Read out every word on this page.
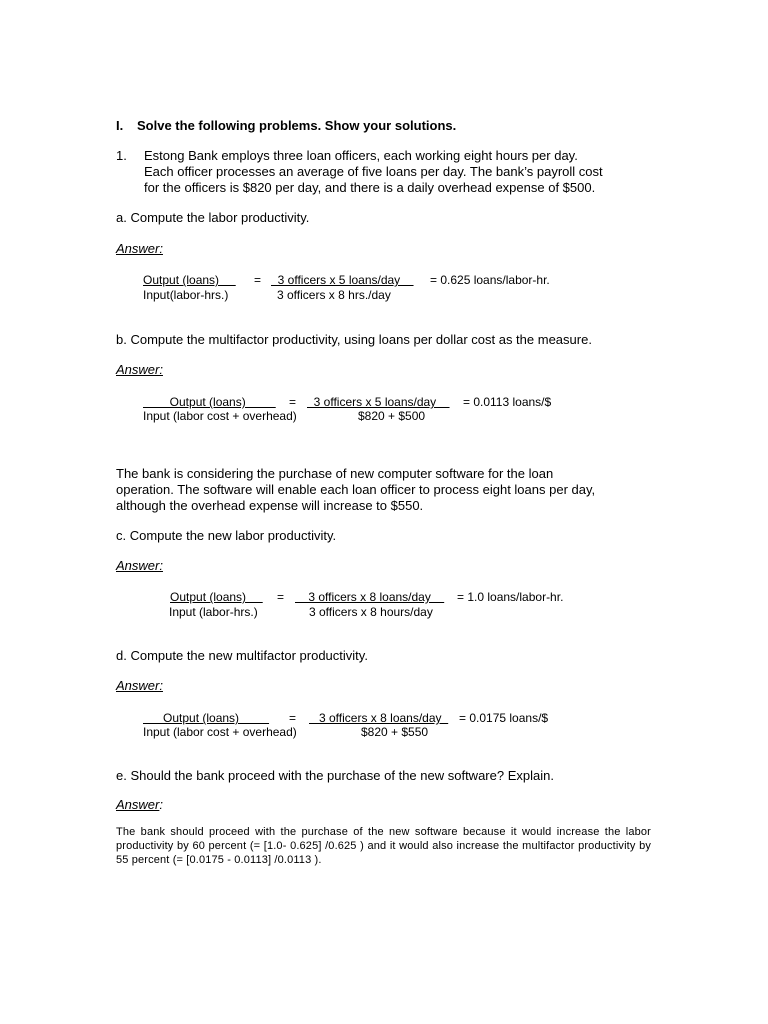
I. Solve the following problems. Show your solutions.
1. Estong Bank employs three loan officers, each working eight hours per day.
Each officer processes an average of five loans per day. The bank’s payroll cost
for the officers is $820 per day, and there is a daily overhead expense of $500.
a. Compute the labor productivity.
Answer:
Output (loans)
Input(labor-hrs.)
= 3 officers x 5 loans/day
3 officers x 8 hrs./day
= 0.625 loans/labor-hr.
b. Compute the multifactor productivity, using loans per dollar cost as the measure.
Answer:
Output (loans)
Input (labor cost + overhead)
= 3 officers x 5 loans/day
$820 + $500
= 0.0113 loans/$
The bank is considering the purchase of new computer software for the loan
operation. The software will enable each loan officer to process eight loans per day,
although the overhead expense will increase to $550.
c. Compute the new labor productivity.
Answer:
Output (loans)
Input (labor-hrs.)
= 3 officers x 8 loans/day
3 officers x 8 hours/day
= 1.0 loans/labor-hr.
d. Compute the new multifactor productivity.
Answer:
Output (loans)
Input (labor cost + overhead)
= 3 officers x 8 loans/day
$820 + $550
= 0.0175 loans/$
e. Should the bank proceed with the purchase of the new software? Explain.
Answer:
The bank should proceed with the purchase of the new software because it would increase the labor productivity by 60 percent (= [1.0- 0.625] /0.625 ) and it would also increase the multifactor productivity by 55 percent (= [0.0175 - 0.0113] /0.0113 ).
